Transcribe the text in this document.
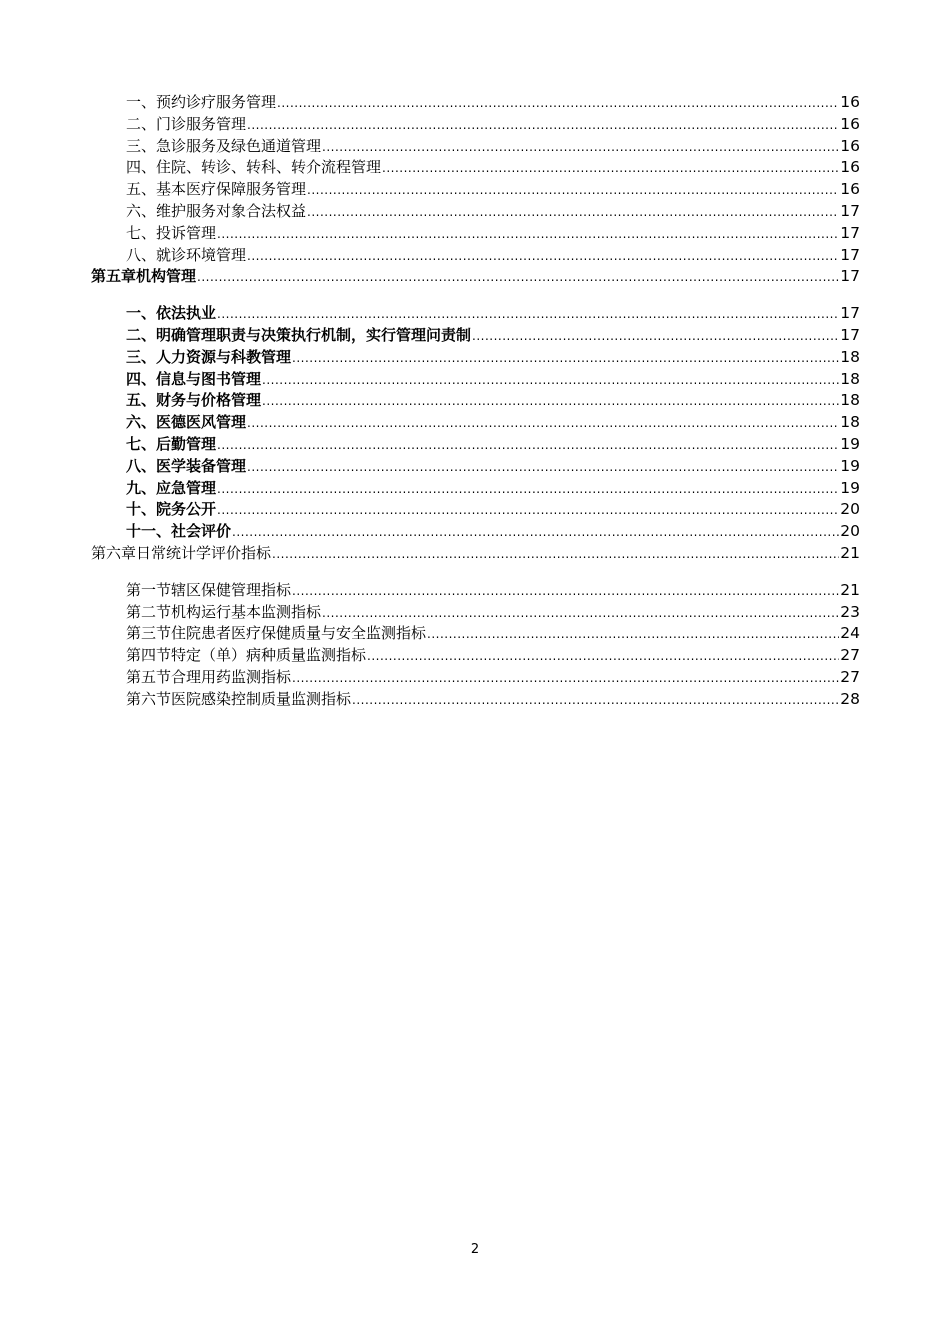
一、预约诊疗服务管理 .....	16
二、门诊服务管理 .....	16
三、急诊服务及绿色通道管理 .....	16
四、住院、转诊、转科、转介流程管理 .....	16
五、基本医疗保障服务管理 .....	16
六、维护服务对象合法权益 .....	17
七、投诉管理 .....	17
八、就诊环境管理 .....	17
第五章机构管理 .....	17
一、依法执业 .....	17
二、明确管理职责与决策执行机制，实行管理问责制 .....	17
三、人力资源与科教管理 .....	18
四、信息与图书管理 .....	18
五、财务与价格管理 .....	18
六、医德医风管理 .....	18
七、后勤管理 .....	19
八、医学装备管理 .....	19
九、应急管理 .....	19
十、院务公开 .....	20
十一、社会评价 .....	20
第六章日常统计学评价指标 .....	21
第一节辖区保健管理指标 .....	21
第二节机构运行基本监测指标 .....	23
第三节住院患者医疗保健质量与安全监测指标 .....	24
第四节特定（单）病种质量监测指标 .....	27
第五节合理用药监测指标 .....	27
第六节医院感染控制质量监测指标 .....	28
2
